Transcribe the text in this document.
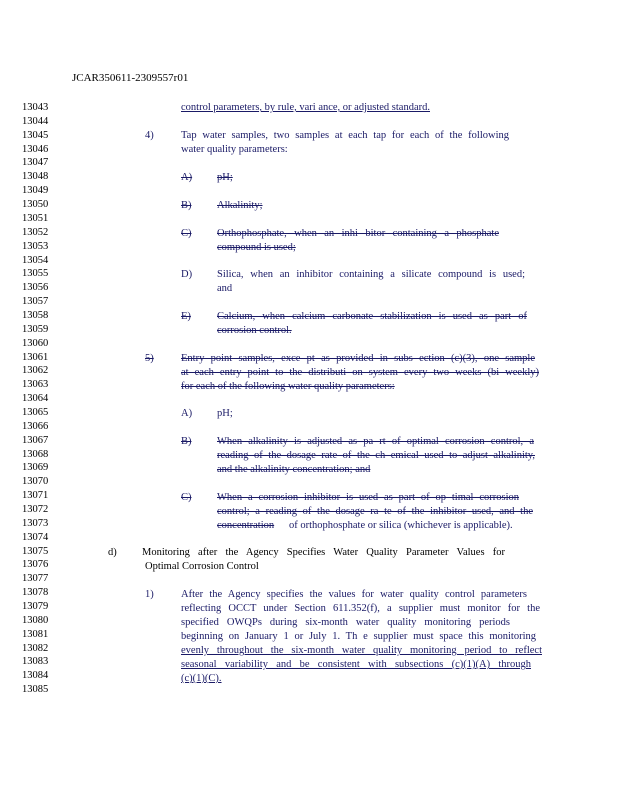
JCAR350611-2309557r01
13043
13044
13045
13046
13047
13048
13049
13050
13051
13052
13053
13054
13055
13056
13057
13058
13059
13060
13061
13062
13063
13064
13065
13066
13067
13068
13069
13070
13071
13072
13073
13074
13075
13076
13077
13078
13079
13080
13081
13082
13083
13084
13085
control parameters, by rule, vari ance, or adjusted standard.
4)	Tap water samples, two samples at each tap for each of the following
water quality parameters:
A) pH;
B) Alkalinity;
C) Orthophosphate, when an inhi bitor containing a phosphate
compound is used;
D) Silica, when an inhibitor containing a silicate compound is used;
and
E) Calcium, when calcium carbonate stabilization is used as part of
corrosion control.
5)	Entry point samples, exce pt as provided in subs ection (c)(3), one sample
at each entry point to the distributi on system every two weeks (bi weekly)
for each of the following water quality parameters:
A) pH;
B) When alkalinity is adjusted as pa rt of optimal corrosion control, a
reading of the dosage rate of the ch emical used to adjust alkalinity,
and the alkalinity concentration; and
C) When a corrosion inhibitor is used as part of op timal corrosion
control; a reading of the dosage ra te of the inhibitor used, and the
concentration of orthophosphate or silica (whichever is applicable).
d) Monitoring after the Agency Specifies Water Quality Parameter Values for
Optimal Corrosion Control
1)	After the Agency specifies the values for water quality control parameters
reflecting OCCT under Section 611.352(f), a supplier must monitor for the
specified OWQPs during six-month water quality monitoring periods
beginning on January 1 or July 1. Th e supplier must space this monitoring
evenly throughout the six-month water quality monitoring period to reflect
seasonal variability and be consistent with subsections (c)(1)(A) through
(c)(1)(C).
